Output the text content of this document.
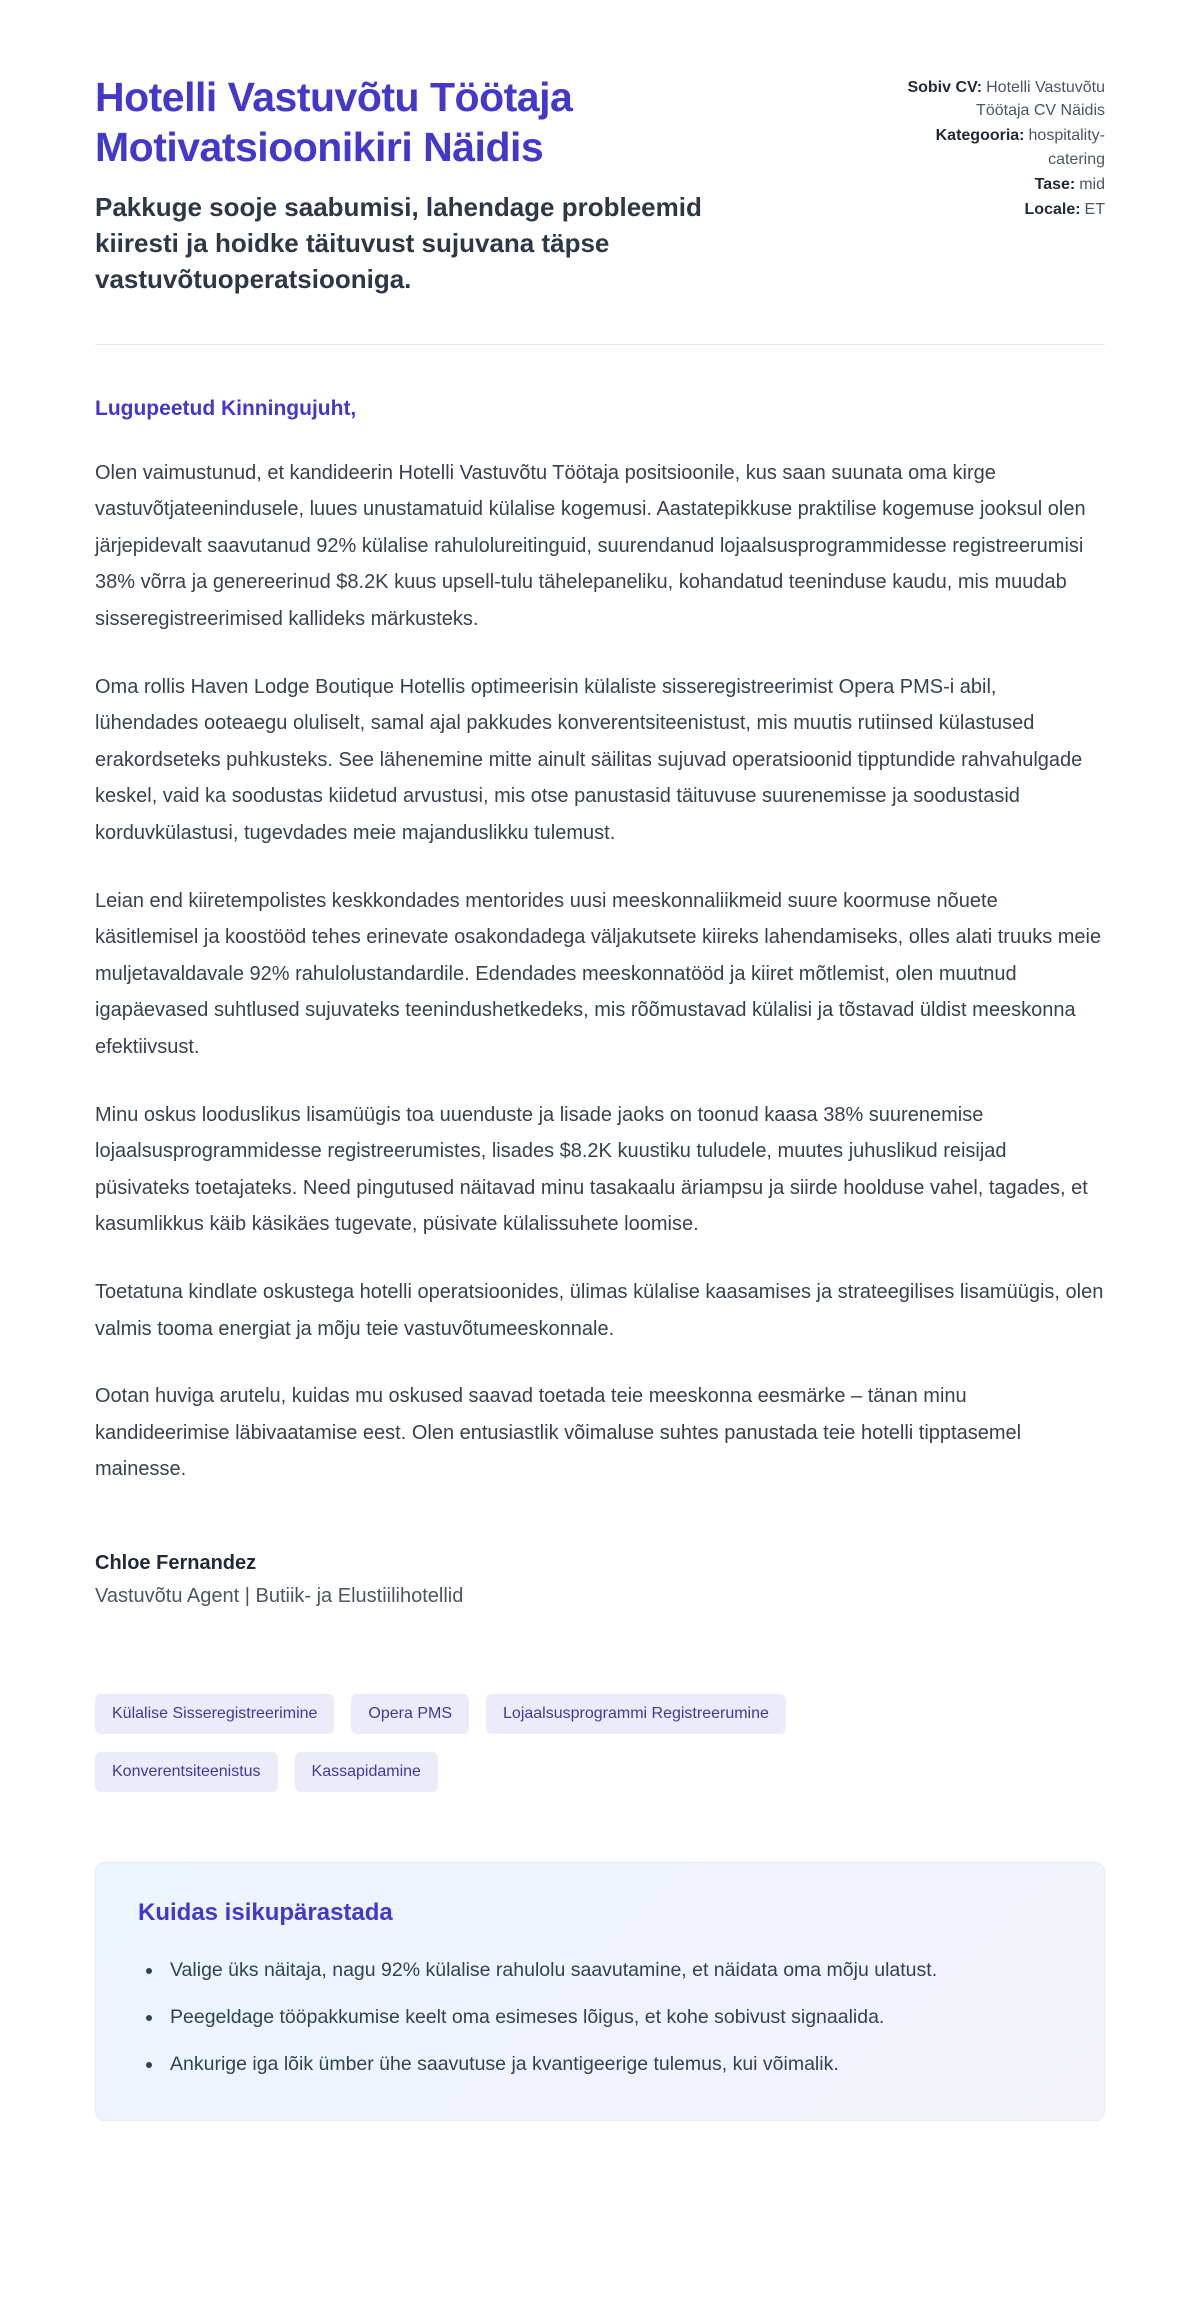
Hotelli Vastuvõtu Töötaja Motivatsioonikiri Näidis

Pakkuge sooje saabumisi, lahendage probleemid kiiresti ja hoidke täituvust sujuvana täpse vastuvõtuoperatsiooniga.

Sobiv CV: Hotelli Vastuvõtu Töötaja CV Näidis
Kategooria: hospitality-catering
Tase: mid
Locale: ET

Lugupeetud Kinningujuht,

Olen vaimustunud, et kandideerin Hotelli Vastuvõtu Töötaja positsioonile, kus saan suunata oma kirge vastuvõtjateenindusele, luues unustamatuid külalise kogemusi. Aastatepikkuse praktilise kogemuse jooksul olen järjepidevalt saavutanud 92% külalise rahulolureitinguid, suurendanud lojaalsusprogrammidesse registreerumisi 38% võrra ja genereerinud $8.2K kuus upsell-tulu tähelepaneliku, kohandatud teeninduse kaudu, mis muudab sisseregistreerimised kallideks märkusteks.

Oma rollis Haven Lodge Boutique Hotellis optimeerisin külaliste sisseregistreerimist Opera PMS-i abil, lühendades ooteaegu oluliselt, samal ajal pakkudes konverentsiteenistust, mis muutis rutiinsed külastused erakordseteks puhkusteks. See lähenemine mitte ainult säilitas sujuvad operatsioonid tipptundide rahvahulgade keskel, vaid ka soodustas kiidetud arvustusi, mis otse panustasid täituvuse suurenemisse ja soodustasid korduvkülastusi, tugevdades meie majanduslikku tulemust.

Leian end kiiretempolistes keskkondades mentorides uusi meeskonnaliikmeid suure koormuse nõuete käsitlemisel ja koostööd tehes erinevate osakondadega väljakutsete kiireks lahendamiseks, olles alati truuks meie muljetavaldavale 92% rahulolustandardile. Edendades meeskonnatööd ja kiiret mõtlemist, olen muutnud igapäevased suhtlused sujuvateks teenindushetkedeks, mis rõõmustavad külalisi ja tõstavad üldist meeskonna efektiivsust.

Minu oskus looduslikus lisamüügis toa uuenduste ja lisade jaoks on toonud kaasa 38% suurenemise lojaalsusprogrammidesse registreerumistes, lisades $8.2K kuustiku tuludele, muutes juhuslikud reisijad püsivateks toetajateks. Need pingutused näitavad minu tasakaalu äriampsu ja siirde hoolduse vahel, tagades, et kasumlikkus käib käsikäes tugevate, püsivate külalissuhete loomise.

Toetatuna kindlate oskustega hotelli operatsioonides, ülimas külalise kaasamises ja strateegilises lisamüügis, olen valmis tooma energiat ja mõju teie vastuvõtumeeskonnale.

Ootan huviga arutelu, kuidas mu oskused saavad toetada teie meeskonna eesmärke – tänan minu kandideerimise läbivaatamise eest. Olen entusiastlik võimaluse suhtes panustada teie hotelli tipptasemel mainesse.

Chloe Fernandez

Vastuvõtu Agent | Butiik- ja Elustiilihotellid

Külalise Sisseregistreerimine	Opera PMS	Lojaalsusprogrammi Registreerumine
Konverentsiteenistus	Kassapidamine
Kuidas isikupärastada
• Valige üks näitaja, nagu 92% külalise rahulolu saavutamine, et näidata oma mõju ulatust.
• Peegeldage tööpakkumise keelt oma esimeses lõigus, et kohe sobivust signaalida.
• Ankurige iga lõik ümber ühe saavutuse ja kvantigeerige tulemus, kui võimalik.
